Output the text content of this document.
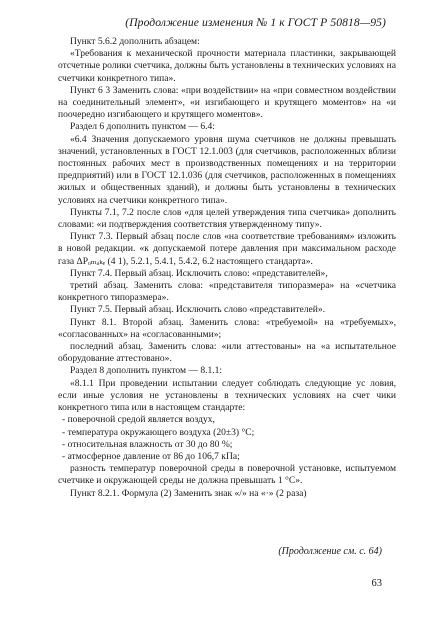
(Продолжение изменения № 1 к ГОСТ Р 50818—95)

Пункт 5.6.2 дополнить абзацем:

«Требования к механической прочности материала пластинки, закрывающей отсчетные ролики счетчика, должны быть установлены в технических условиях на счетчики конкретного типа».

Пункт 6 3 Заменить слова: «при воздействии» на «при совместном воздействии на соединительный элемент», «и изгибающего и крутящего моментов» на «и поочередно изгибающего и крутящего моментов».

Раздел 6 дополнить пунктом — 6.4:

«6.4 Значения допускаемого уровня шума счетчиков не должны превышать значений, установленных в ГОСТ 12.1.003 (для счетчиков, расположенных вблизи постоянных рабочих мест в производственных помещениях и на территории предприятий) или в ГОСТ 12.1.036 (для счетчиков, расположенных в помещениях жилых и общественных зданий), и должны быть установлены в технических условиях на счетчики конкретного типа».

Пункты 7.1, 7.2 после слов «для целей утверждения типа счетчика» дополнить словами: «и подтверждения соответствия утвержденному типу».

Пункт 7.3. Первый абзац после слов «на соответствие требованиям» изложить в новой редакции. «к допускаемой потере давления при максимальном расходе газа ΔPₒₘₐₖₑ (4 1), 5.2.1, 5.4.1, 5.4.2, 6.2 настоящего стандарта».

Пункт 7.4. Первый абзац. Исключить слово: «представителей»,

третий абзац. Заменить слова: «представителя типоразмера» на «счетчика конкретного типоразмера».

Пункт 7.5. Первый абзац. Исключить слово «представителей».

Пункт 8.1. Второй абзац. Заменить слова: «требуемой» на «требуемых», «согласованных» на «согласованными»;

последний абзац. Заменить слова: «или аттестованы» на «а испытательное оборудование аттестовано».

Раздел 8 дополнить пунктом — 8.1.1:

«8.1.1 При проведении испытании следует соблюдать следующие ус ловия, если иные условия не установлены в технических условиях на счет чики конкретного типа или в настоящем стандарте:

- поверочной средой является воздух,

- температура окружающего воздуха (20±3) °С;

- относительная влажность от 30 до 80 %;

- атмосферное давление от 86 до 106,7 кПа;

разность температур поверочной среды в поверочной установке, испытуемом счетчике и окружающей среды не должна превышать 1 °С».

Пункт 8.2.1. Формула (2) Заменить знак «/» на «·» (2 раза)

(Продолжение см. с. 64)
63
